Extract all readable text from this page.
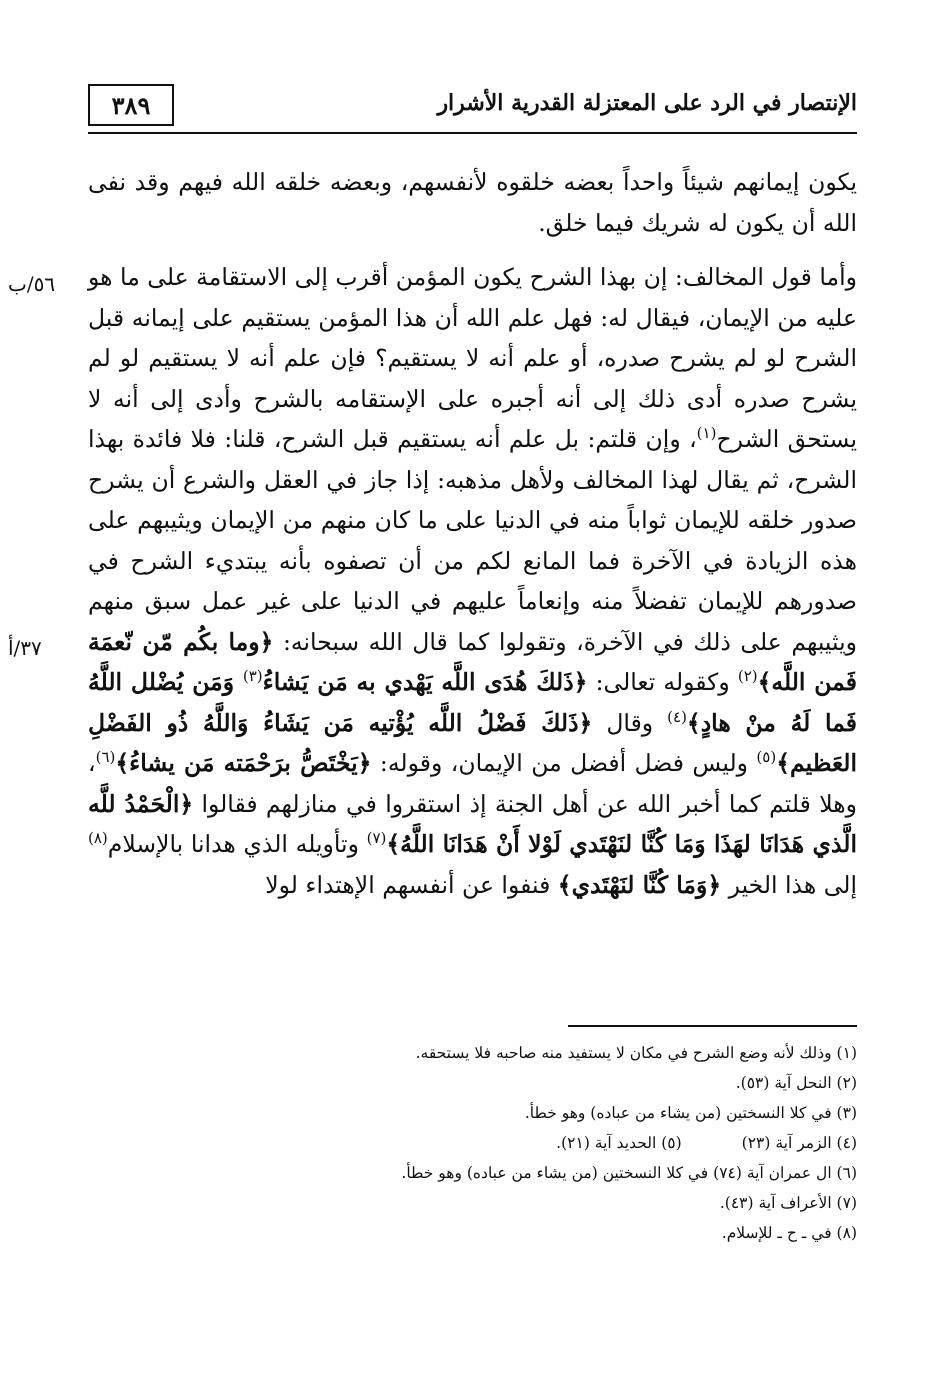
٣٨٩	الإنتصار في الرد على المعتزلة القدرية الأشرار
٥٦/ب
٣٧/أ

يكون إيمانهم شيئاً واحداً بعضه خلقوه لأنفسهم، وبعضه خلقه الله فيهم وقد نفى الله أن يكون له شريك فيما خلق.

وأما قول المخالف: إن بهذا الشرح يكون المؤمن أقرب إلى الاستقامة على ما هو عليه من الإيمان، فيقال له: فهل علم الله أن هذا المؤمن يستقيم على إيمانه قبل الشرح لو لم يشرح صدره، أو علم أنه لا يستقيم؟ فإن علم أنه لا يستقيم لو لم يشرح صدره أدى ذلك إلى أنه أجبره على الإستقامه بالشرح وأدى إلى أنه لا يستحق الشرح$^{(١)}$، وإن قلتم: بل علم أنه يستقيم قبل الشرح، قلنا: فلا فائدة بهذا الشرح، ثم يقال لهذا المخالف ولأهل مذهبه: إذا جاز في العقل والشرع أن يشرح صدور خلقه للإيمان ثواباً منه في الدنيا على ما كان منهم من الإيمان ويثيبهم على هذه الزيادة في الآخرة فما المانع لكم من أن تصفوه بأنه يبتديء الشرح في صدورهم للإيمان تفضلاً منه وإنعاماً عليهم في الدنيا على غير عمل سبق منهم ويثيبهم على ذلك في الآخرة، وتقولوا كما قال الله سبحانه: ﴿وما بكُم مّن نّعمَة فَمن اللَّه﴾$^{(٢)}$ وكقوله تعالى: ﴿ذَلكَ هُدَى اللَّه يَهْدي به مَن يَشاءُ$^{(٣)}$ وَمَن يُضْلل اللَّهُ فَما لَهُ منْ هادٍ﴾$^{(٤)}$ وقال ﴿ذَلكَ فَضْلُ اللَّه يُؤْتيه مَن يَشَاءُ وَاللَّهُ ذُو الفَضْلِ العَظيم﴾$^{(٥)}$ وليس فضل أفضل من الإيمان، وقوله: ﴿يَخْتَصُّ برَحْمَته مَن يشاءُ﴾$^{(٦)}$، وهلا قلتم كما أخبر الله عن أهل الجنة إذ استقروا في منازلهم فقالوا ﴿الْحَمْدُ للَّه الَّذي هَدَانَا لهَذَا وَمَا كُنَّا لنَهْتَدي لَوْلا أَنْ هَدَانَا اللَّهُ﴾$^{(٧)}$ وتأويله الذي هدانا بالإسلام$^{(٨)}$ إلى هذا الخير ﴿وَمَا كُنَّا لنَهْتَدي﴾ فنفوا عن أنفسهم الإهتداء لولا

(١) وذلك لأنه وضع الشرح في مكان لا يستفيد منه صاحبه فلا يستحقه.
(٢) النحل آية (٥٣).
(٣) في كلا النسختين (من يشاء من عباده) وهو خطأ.
(٤) الزمر آية (٢٣)
(٥) الحديد آية (٢١).
(٦) ال عمران آية (٧٤) في كلا النسختين (من يشاء من عباده) وهو خطأ.
(٧) الأعراف آية (٤٣).
(٨) في ـ ح ـ للإسلام.
